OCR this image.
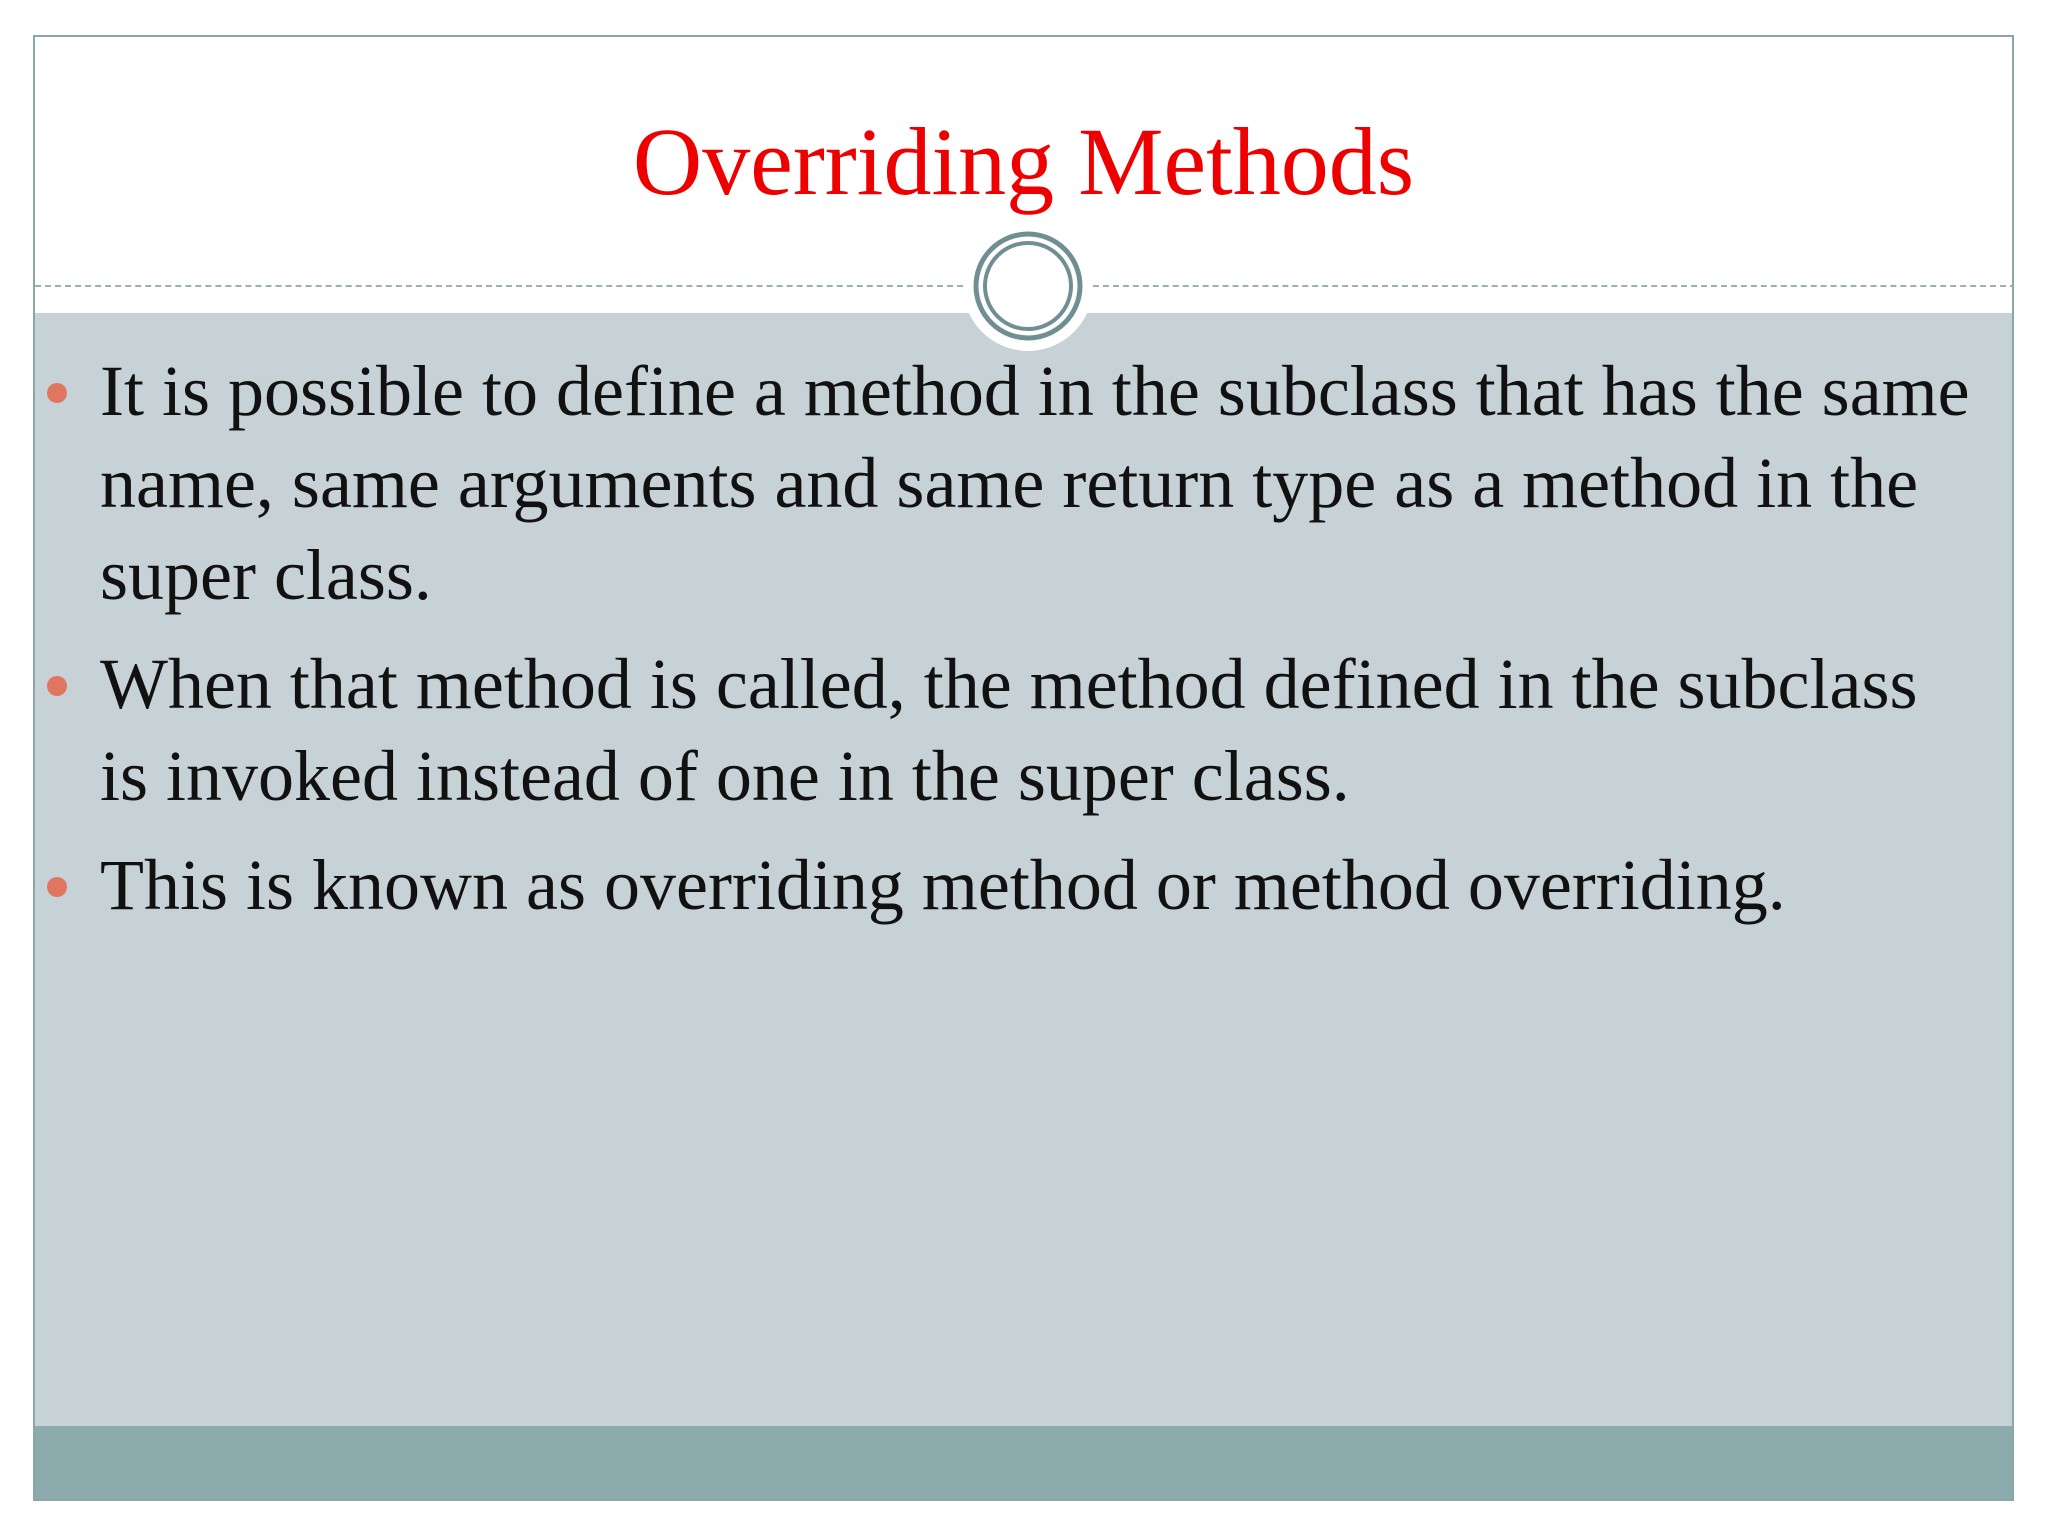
Overriding Methods
It is possible to define a method in the subclass that has the same name, same arguments and same return type as a method in the super class.
When that method is called, the method defined in the subclass is invoked instead of one in the super class.
This is known as overriding method or method overriding.
